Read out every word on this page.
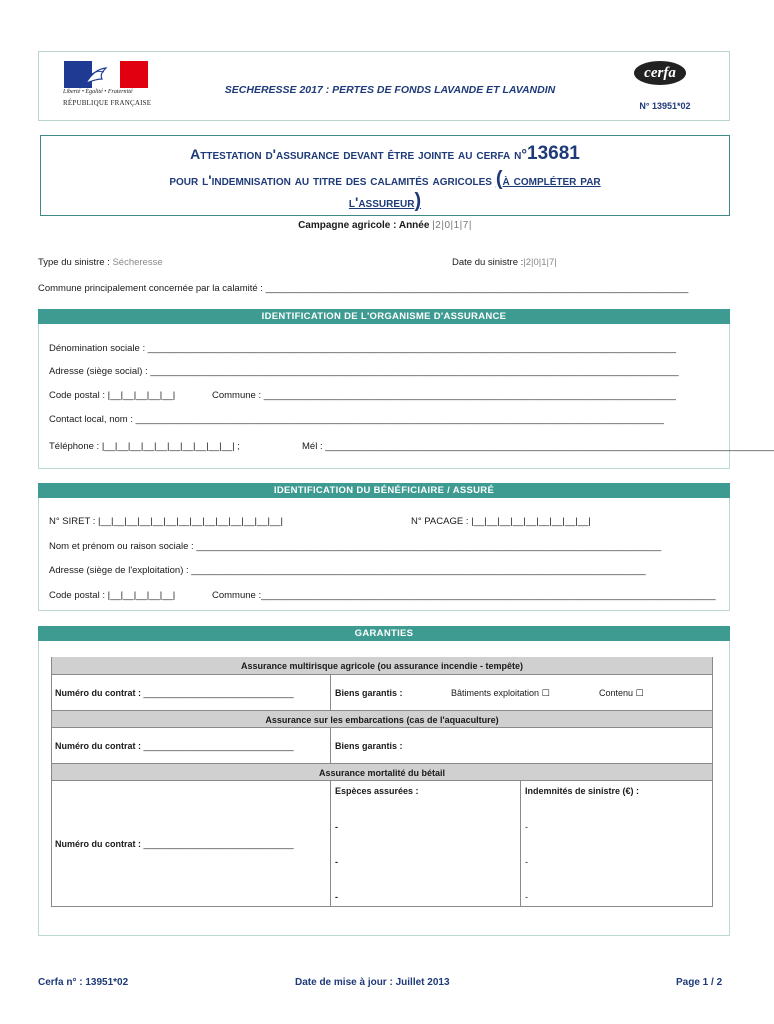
Liberté • Égalité • Fraternité
RÉPUBLIQUE FRANÇAISE
SECHERESSE 2017 : PERTES DE FONDS LAVANDE ET LAVANDIN
cerfa
N° 13951*02
Attestation d'assurance devant être jointe au cerfa n°13681
pour l'indemnisation au titre des calamités agricoles (à compléter par
l'assureur)
Campagne agricole : Année |2|0|1|7|
Type du sinistre : Sécheresse	Date du sinistre :|2|0|1|7|
Commune principalement concernée par la calamité : ________________________________________________________________________________
IDENTIFICATION DE L'ORGANISME D'ASSURANCE
Dénomination sociale : ____________________________________________________________________________________________________
Adresse (siège social) : ____________________________________________________________________________________________________
Code postal : |__|__|__|__|__|	Commune : ______________________________________________________________________________
Contact local, nom : ____________________________________________________________________________________________________
Téléphone : |__|__|__|__|__|__|__|__|__|__| ;	Mél : _____________________________________________________________________________________
IDENTIFICATION DU BÉNÉFICIAIRE / ASSURÉ
N° SIRET : |__|__|__|__|__|__|__|__|__|__|__|__|__|__|	N° PACAGE : |__|__|__|__|__|__|__|__|__|
Nom et prénom ou raison sociale : ________________________________________________________________________________________
Adresse (siège de l'exploitation) : ______________________________________________________________________________________
Code postal : |__|__|__|__|__|	Commune :______________________________________________________________________________________
GARANTIES
Assurance multirisque agricole (ou assurance incendie - tempête)
Numéro du contrat : ______________________________	Biens garantis :	Bâtiments exploitation ☐	Contenu ☐
Assurance sur les embarcations (cas de l'aquaculture)
Numéro du contrat : ______________________________	Biens garantis :
Assurance mortalité du bétail
Espèces assurées :	Indemnités de sinistre (€) :
Numéro du contrat : ______________________________
-	-
-	-
-	-
Cerfa n° : 13951*02	Date de mise à jour : Juillet 2013	Page 1 / 2
